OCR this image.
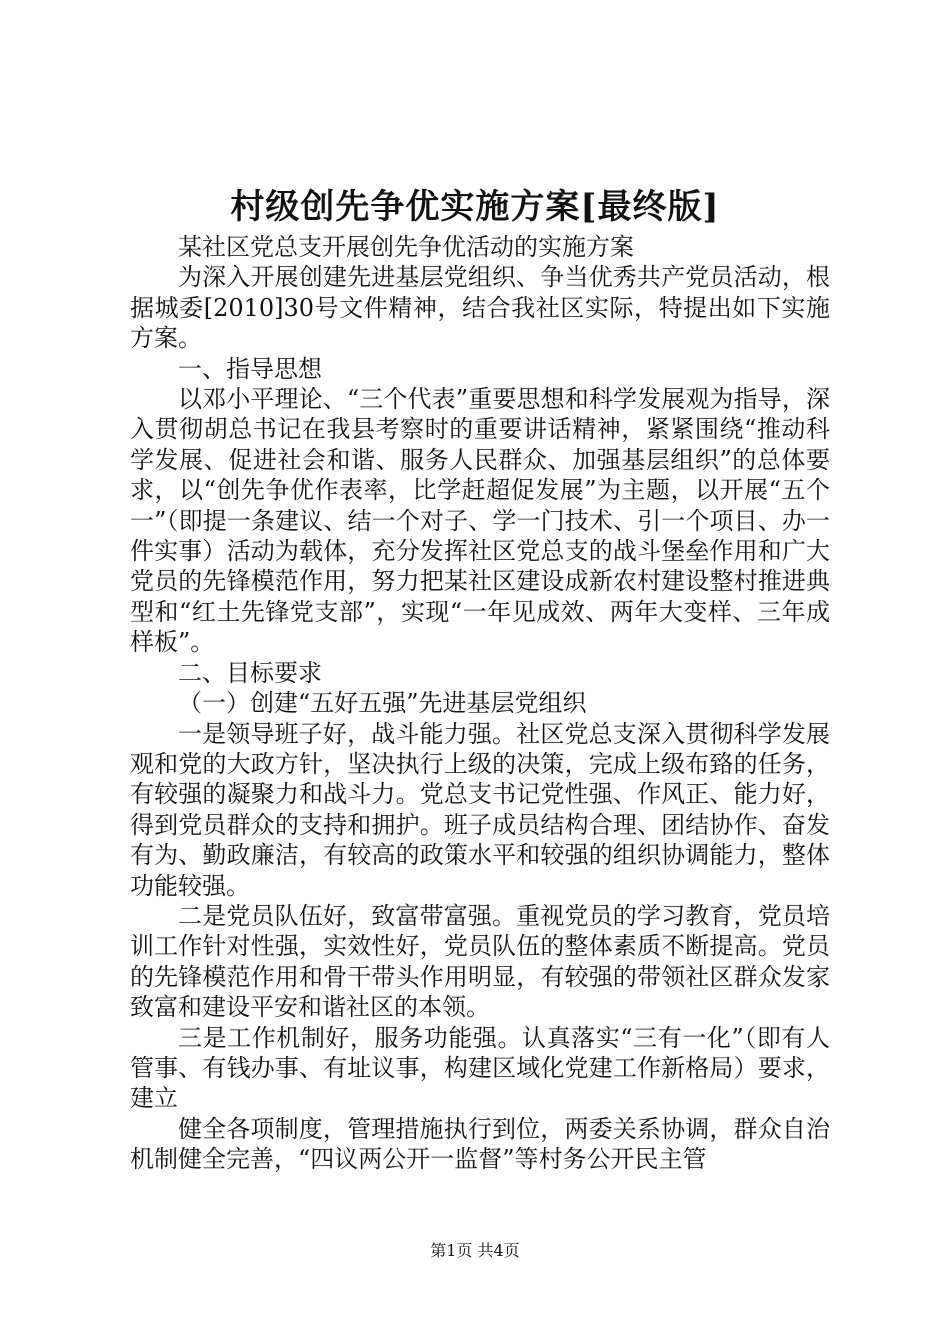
村级创先争优实施方案[最终版]

某社区党总支开展创先争优活动的实施方案

为深入开展创建先进基层党组织、争当优秀共产党员活动，根据城委[2010]30号文件精神，结合我社区实际，特提出如下实施方案。

一、指导思想

以邓小平理论、“三个代表”重要思想和科学发展观为指导，深入贯彻胡总书记在我县考察时的重要讲话精神，紧紧围绕“推动科学发展、促进社会和谐、服务人民群众、加强基层组织”的总体要求，以“创先争优作表率，比学赶超促发展”为主题，以开展“五个一”（即提一条建议、结一个对子、学一门技术、引一个项目、办一件实事）活动为载体，充分发挥社区党总支的战斗堡垒作用和广大党员的先锋模范作用，努力把某社区建设成新农村建设整村推进典型和“红土先锋党支部”，实现“一年见成效、两年大变样、三年成样板”。

二、目标要求

（一）创建“五好五强”先进基层党组织

一是领导班子好，战斗能力强。社区党总支深入贯彻科学发展观和党的大政方针，坚决执行上级的决策，完成上级布臵的任务，有较强的凝聚力和战斗力。党总支书记党性强、作风正、能力好，得到党员群众的支持和拥护。班子成员结构合理、团结协作、奋发有为、勤政廉洁，有较高的政策水平和较强的组织协调能力，整体功能较强。

二是党员队伍好，致富带富强。重视党员的学习教育，党员培训工作针对性强，实效性好，党员队伍的整体素质不断提高。党员的先锋模范作用和骨干带头作用明显，有较强的带领社区群众发家致富和建设平安和谐社区的本领。

三是工作机制好，服务功能强。认真落实“三有一化”（即有人管事、有钱办事、有址议事，构建区域化党建工作新格局）要求，建立

健全各项制度，管理措施执行到位，两委关系协调，群众自治机制健全完善，“四议两公开一监督”等村务公开民主管

第1页 共4页
